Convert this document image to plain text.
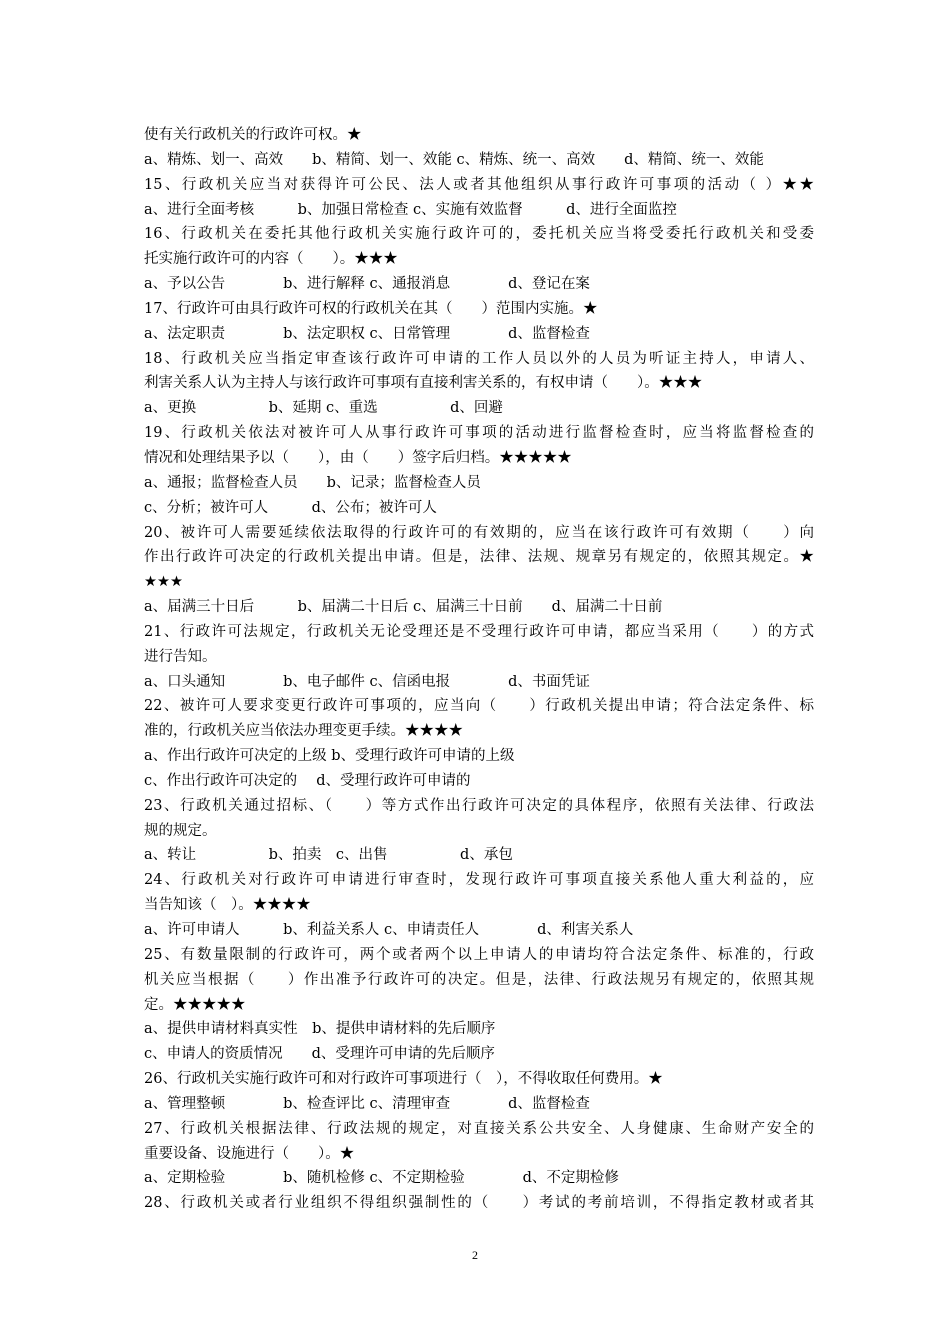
使有关行政机关的行政许可权。★
a、精炼、划一、高效　　b、精简、划一、效能 c、精炼、统一、高效　　d、精简、统一、效能
15、行政机关应当对获得许可公民、法人或者其他组织从事行政许可事项的活动（ ）★★
a、进行全面考核　　　b、加强日常检查 c、实施有效监督　　　d、进行全面监控
16、行政机关在委托其他行政机关实施行政许可的，委托机关应当将受委托行政机关和受委
托实施行政许可的内容（　　）。★★★
a、予以公告　　　　b、进行解释 c、通报消息　　　　d、登记在案
17、行政许可由具行政许可权的行政机关在其（　　）范围内实施。★
a、法定职责　　　　b、法定职权 c、日常管理　　　　d、监督检查
18、行政机关应当指定审查该行政许可申请的工作人员以外的人员为听证主持人，申请人、
利害关系人认为主持人与该行政许可事项有直接利害关系的，有权申请（　　）。★★★
a、更换　　　　　b、延期 c、重选　　　　　d、回避
19、行政机关依法对被许可人从事行政许可事项的活动进行监督检查时，应当将监督检查的
情况和处理结果予以（　　），由（　　）签字后归档。★★★★★
a、通报；监督检查人员　　b、记录；监督检查人员
c、分析；被许可人　　　d、公布；被许可人
20、被许可人需要延续依法取得的行政许可的有效期的，应当在该行政许可有效期（　　）向
作出行政许可决定的行政机关提出申请。但是，法律、法规、规章另有规定的，依照其规定。★
★★★
a、届满三十日后　　　b、届满二十日后 c、届满三十日前　　d、届满二十日前
21、行政许可法规定，行政机关无论受理还是不受理行政许可申请，都应当采用（　　）的方式
进行告知。
a、口头通知　　　　b、电子邮件 c、信函电报　　　　d、书面凭证
22、被许可人要求变更行政许可事项的，应当向（　　）行政机关提出申请；符合法定条件、标
准的，行政机关应当依法办理变更手续。★★★★
a、作出行政许可决定的上级 b、受理行政许可申请的上级
c、作出行政许可决定的　 d、受理行政许可申请的
23、行政机关通过招标、（　　）等方式作出行政许可决定的具体程序，依照有关法律、行政法
规的规定。
a、转让　　　　　b、拍卖　c、出售　　　　　d、承包
24、行政机关对行政许可申请进行审查时，发现行政许可事项直接关系他人重大利益的，应
当告知该（　）。★★★★
a、许可申请人　　　b、利益关系人 c、申请责任人　　　　d、利害关系人
25、有数量限制的行政许可，两个或者两个以上申请人的申请均符合法定条件、标准的，行政
机关应当根据（　　）作出准予行政许可的决定。但是，法律、行政法规另有规定的，依照其规
定。★★★★★
a、提供申请材料真实性　b、提供申请材料的先后顺序
c、申请人的资质情况　　d、受理许可申请的先后顺序
26、行政机关实施行政许可和对行政许可事项进行（　），不得收取任何费用。★
a、管理整顿　　　　b、检查评比 c、清理审查　　　　d、监督检查
27、行政机关根据法律、行政法规的规定，对直接关系公共安全、人身健康、生命财产安全的
重要设备、设施进行（　　）。★
a、定期检验　　　　b、随机检修 c、不定期检验　　　　d、不定期检修
28、行政机关或者行业组织不得组织强制性的（　　）考试的考前培训，不得指定教材或者其
2
